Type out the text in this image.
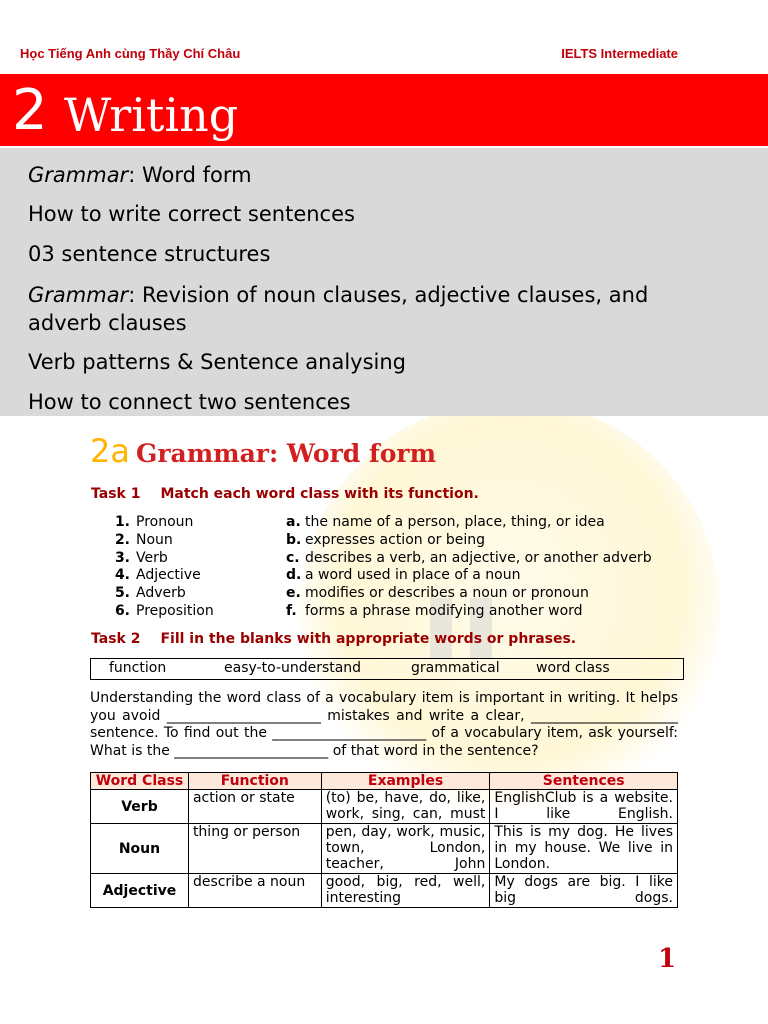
Học Tiếng Anh cùng Thầy Chí Châu	IELTS Intermediate
2 Writing
Grammar: Word form
How to write correct sentences
03 sentence structures
Grammar: Revision of noun clauses, adjective clauses, and adverb clauses
Verb patterns & Sentence analysing
How to connect two sentences
2a Grammar: Word form
Task 1 Match each word class with its function.
1. Pronoun	a. the name of a person, place, thing, or idea
2. Noun	b. expresses action or being
3. Verb	c. describes a verb, an adjective, or another adverb
4. Adjective	d. a word used in place of a noun
5. Adverb	e. modifies or describes a noun or pronoun
6. Preposition	f. forms a phrase modifying another word
Task 2 Fill in the blanks with appropriate words or phrases.
function	easy-to-understand	grammatical	word class
Understanding the word class of a vocabulary item is important in writing. It helps you avoid ______________________ mistakes and write a clear, _____________________ sentence. To find out the ______________________ of a vocabulary item, ask yourself: What is the ______________________ of that word in the sentence?
Word Class	Function	Examples	Sentences
Verb	action or state	(to) be, have, do, like, work, sing, can, must	EnglishClub is a website. I like English.
Noun	thing or person	pen, day, work, music, town, London, teacher, John	This is my dog. He lives in my house. We live in London.
Adjective	describe a noun	good, big, red, well, interesting	My dogs are big. I like big dogs.
1
